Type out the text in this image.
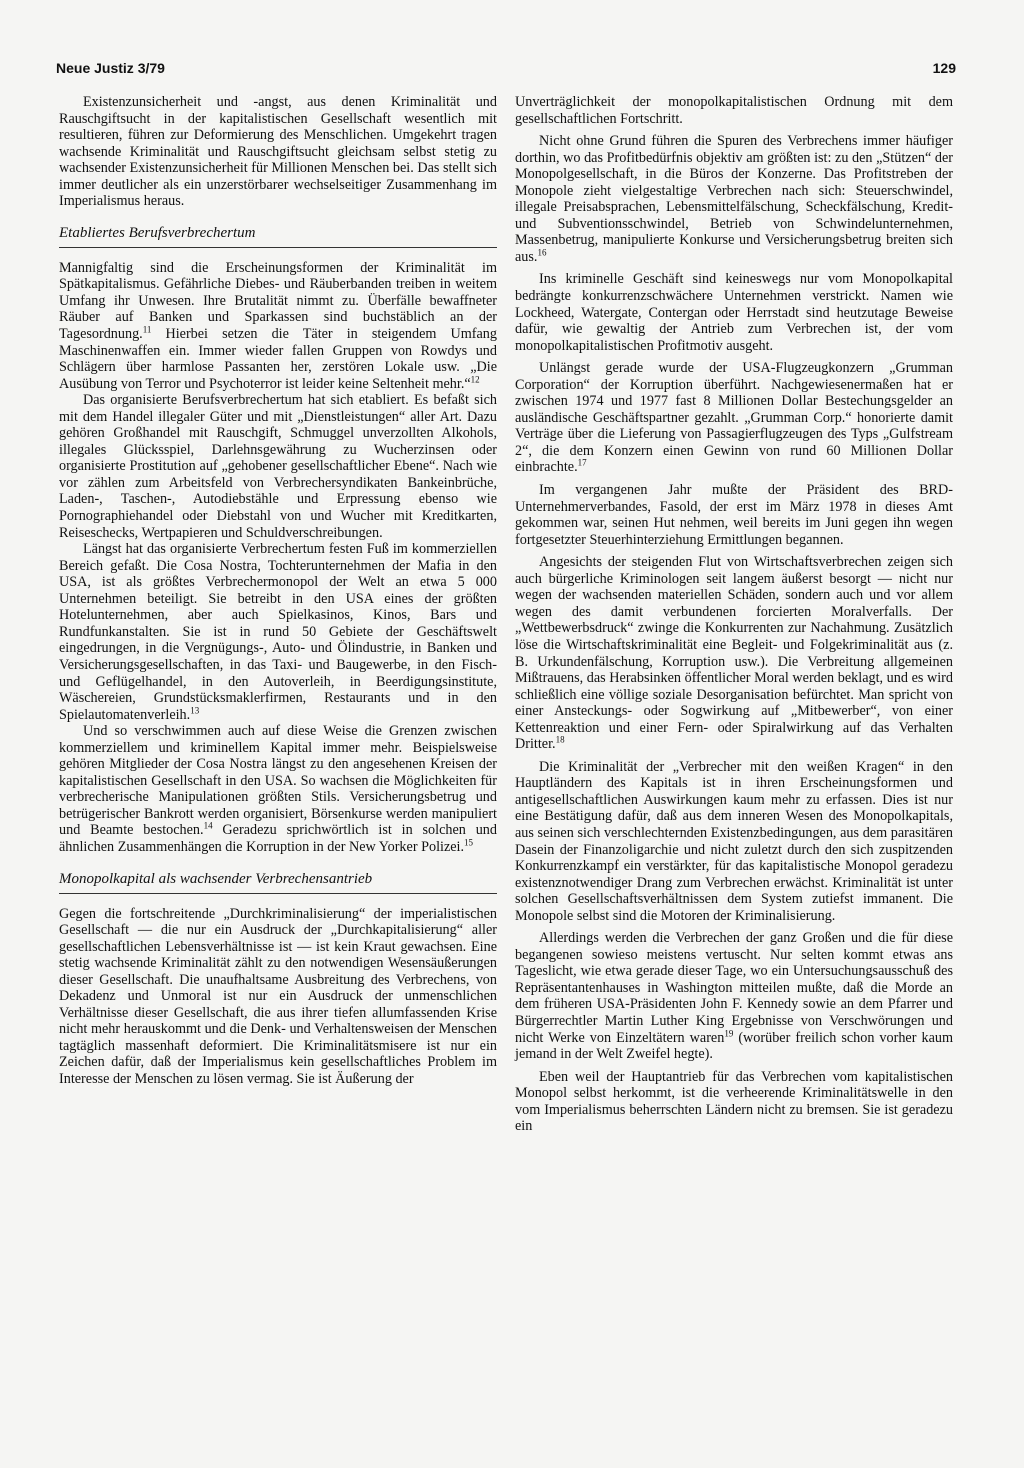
Neue Justiz 3/79	129

Existenzunsicherheit und -angst, aus denen Kriminalität und Rauschgiftsucht in der kapitalistischen Gesellschaft wesentlich mit resultieren, führen zur Deformierung des Menschlichen. Umgekehrt tragen wachsende Kriminalität und Rauschgiftsucht gleichsam selbst stetig zu wachsender Existenzunsicherheit für Millionen Menschen bei. Das stellt sich immer deutlicher als ein unzerstörbarer wechselseitiger Zusammenhang im Imperialismus heraus.

Etabliertes Berufsverbrechertum

Mannigfaltig sind die Erscheinungsformen der Kriminalität im Spätkapitalismus. Gefährliche Diebes- und Räuberbanden treiben in weitem Umfang ihr Unwesen. Ihre Brutalität nimmt zu. Überfälle bewaffneter Räuber auf Banken und Sparkassen sind buchstäblich an der Tagesordnung.$^{11}$ Hierbei setzen die Täter in steigendem Umfang Maschinenwaffen ein. Immer wieder fallen Gruppen von Rowdys und Schlägern über harmlose Passanten her, zerstören Lokale usw. „Die Ausübung von Terror und Psychoterror ist leider keine Seltenheit mehr.“$^{12}$

Das organisierte Berufsverbrechertum hat sich etabliert. Es befaßt sich mit dem Handel illegaler Güter und mit „Dienstleistungen“ aller Art. Dazu gehören Großhandel mit Rauschgift, Schmuggel unverzollten Alkohols, illegales Glücksspiel, Darlehnsgewährung zu Wucherzinsen oder organisierte Prostitution auf „gehobener gesellschaftlicher Ebene“. Nach wie vor zählen zum Arbeitsfeld von Verbrechersyndikaten Bankeinbrüche, Laden-, Taschen-, Autodiebstähle und Erpressung ebenso wie Pornographiehandel oder Diebstahl von und Wucher mit Kreditkarten, Reiseschecks, Wertpapieren und Schuldverschreibungen.

Längst hat das organisierte Verbrechertum festen Fuß im kommerziellen Bereich gefaßt. Die Cosa Nostra, Tochterunternehmen der Mafia in den USA, ist als größtes Verbrechermonopol der Welt an etwa 5 000 Unternehmen beteiligt. Sie betreibt in den USA eines der größten Hotelunternehmen, aber auch Spielkasinos, Kinos, Bars und Rundfunkanstalten. Sie ist in rund 50 Gebiete der Geschäftswelt eingedrungen, in die Vergnügungs-, Auto- und Ölindustrie, in Banken und Versicherungsgesellschaften, in das Taxi- und Baugewerbe, in den Fisch- und Geflügelhandel, in den Autoverleih, in Beerdigungsinstitute, Wäschereien, Grundstücksmaklerfirmen, Restaurants und in den Spielautomatenverleih.$^{13}$

Und so verschwimmen auch auf diese Weise die Grenzen zwischen kommerziellem und kriminellem Kapital immer mehr. Beispielsweise gehören Mitglieder der Cosa Nostra längst zu den angesehenen Kreisen der kapitalistischen Gesellschaft in den USA. So wachsen die Möglichkeiten für verbrecherische Manipulationen größten Stils. Versicherungsbetrug und betrügerischer Bankrott werden organisiert, Börsenkurse werden manipuliert und Beamte bestochen.$^{14}$ Geradezu sprichwörtlich ist in solchen und ähnlichen Zusammenhängen die Korruption in der New Yorker Polizei.$^{15}$

Monopolkapital als wachsender Verbrechensantrieb

Gegen die fortschreitende „Durchkriminalisierung“ der imperialistischen Gesellschaft — die nur ein Ausdruck der „Durchkapitalisierung“ aller gesellschaftlichen Lebensverhältnisse ist — ist kein Kraut gewachsen. Eine stetig wachsende Kriminalität zählt zu den notwendigen Wesensäußerungen dieser Gesellschaft. Die unaufhaltsame Ausbreitung des Verbrechens, von Dekadenz und Unmoral ist nur ein Ausdruck der unmenschlichen Verhältnisse dieser Gesellschaft, die aus ihrer tiefen allumfassenden Krise nicht mehr herauskommt und die Denk- und Verhaltensweisen der Menschen tagtäglich massenhaft deformiert. Die Kriminalitätsmisere ist nur ein Zeichen dafür, daß der Imperialismus kein gesellschaftliches Problem im Interesse der Menschen zu lösen vermag. Sie ist Äußerung der

Unverträglichkeit der monopolkapitalistischen Ordnung mit dem gesellschaftlichen Fortschritt.

Nicht ohne Grund führen die Spuren des Verbrechens immer häufiger dorthin, wo das Profitbedürfnis objektiv am größten ist: zu den „Stützen“ der Monopolgesellschaft, in die Büros der Konzerne. Das Profitstreben der Monopole zieht vielgestaltige Verbrechen nach sich: Steuerschwindel, illegale Preisabsprachen, Lebensmittelfälschung, Scheckfälschung, Kredit- und Subventionsschwindel, Betrieb von Schwindelunternehmen, Massenbetrug, manipulierte Konkurse und Versicherungsbetrug breiten sich aus.$^{16}$

Ins kriminelle Geschäft sind keineswegs nur vom Monopolkapital bedrängte konkurrenzschwächere Unternehmen verstrickt. Namen wie Lockheed, Watergate, Contergan oder Herrstadt sind heutzutage Beweise dafür, wie gewaltig der Antrieb zum Verbrechen ist, der vom monopolkapitalistischen Profitmotiv ausgeht.

Unlängst gerade wurde der USA-Flugzeugkonzern „Grumman Corporation“ der Korruption überführt. Nachgewiesenermaßen hat er zwischen 1974 und 1977 fast 8 Millionen Dollar Bestechungsgelder an ausländische Geschäftspartner gezahlt. „Grumman Corp.“ honorierte damit Verträge über die Lieferung von Passagierflugzeugen des Typs „Gulfstream 2“, die dem Konzern einen Gewinn von rund 60 Millionen Dollar einbrachte.$^{17}$

Im vergangenen Jahr mußte der Präsident des BRD-Unternehmerverbandes, Fasold, der erst im März 1978 in dieses Amt gekommen war, seinen Hut nehmen, weil bereits im Juni gegen ihn wegen fortgesetzter Steuerhinterziehung Ermittlungen begannen.

Angesichts der steigenden Flut von Wirtschaftsverbrechen zeigen sich auch bürgerliche Kriminologen seit langem äußerst besorgt — nicht nur wegen der wachsenden materiellen Schäden, sondern auch und vor allem wegen des damit verbundenen forcierten Moralverfalls. Der „Wettbewerbsdruck“ zwinge die Konkurrenten zur Nachahmung. Zusätzlich löse die Wirtschaftskriminalität eine Begleit- und Folgekriminalität aus (z. B. Urkundenfälschung, Korruption usw.). Die Verbreitung allgemeinen Mißtrauens, das Herabsinken öffentlicher Moral werden beklagt, und es wird schließlich eine völlige soziale Desorganisation befürchtet. Man spricht von einer Ansteckungs- oder Sogwirkung auf „Mitbewerber“, von einer Kettenreaktion und einer Fern- oder Spiralwirkung auf das Verhalten Dritter.$^{18}$

Die Kriminalität der „Verbrecher mit den weißen Kragen“ in den Hauptländern des Kapitals ist in ihren Erscheinungsformen und antigesellschaftlichen Auswirkungen kaum mehr zu erfassen. Dies ist nur eine Bestätigung dafür, daß aus dem inneren Wesen des Monopolkapitals, aus seinen sich verschlechternden Existenzbedingungen, aus dem parasitären Dasein der Finanzoligarchie und nicht zuletzt durch den sich zuspitzenden Konkurrenzkampf ein verstärkter, für das kapitalistische Monopol geradezu existenznotwendiger Drang zum Verbrechen erwächst. Kriminalität ist unter solchen Gesellschaftsverhältnissen dem System zutiefst immanent. Die Monopole selbst sind die Motoren der Kriminalisierung.

Allerdings werden die Verbrechen der ganz Großen und die für diese begangenen sowieso meistens vertuscht. Nur selten kommt etwas ans Tageslicht, wie etwa gerade dieser Tage, wo ein Untersuchungsausschuß des Repräsentantenhauses in Washington mitteilen mußte, daß die Morde an dem früheren USA-Präsidenten John F. Kennedy sowie an dem Pfarrer und Bürgerrechtler Martin Luther King Ergebnisse von Verschwörungen und nicht Werke von Einzeltätern waren$^{19}$ (worüber freilich schon vorher kaum jemand in der Welt Zweifel hegte).

Eben weil der Hauptantrieb für das Verbrechen vom kapitalistischen Monopol selbst herkommt, ist die verheerende Kriminalitätswelle in den vom Imperialismus beherrschten Ländern nicht zu bremsen. Sie ist geradezu ein
